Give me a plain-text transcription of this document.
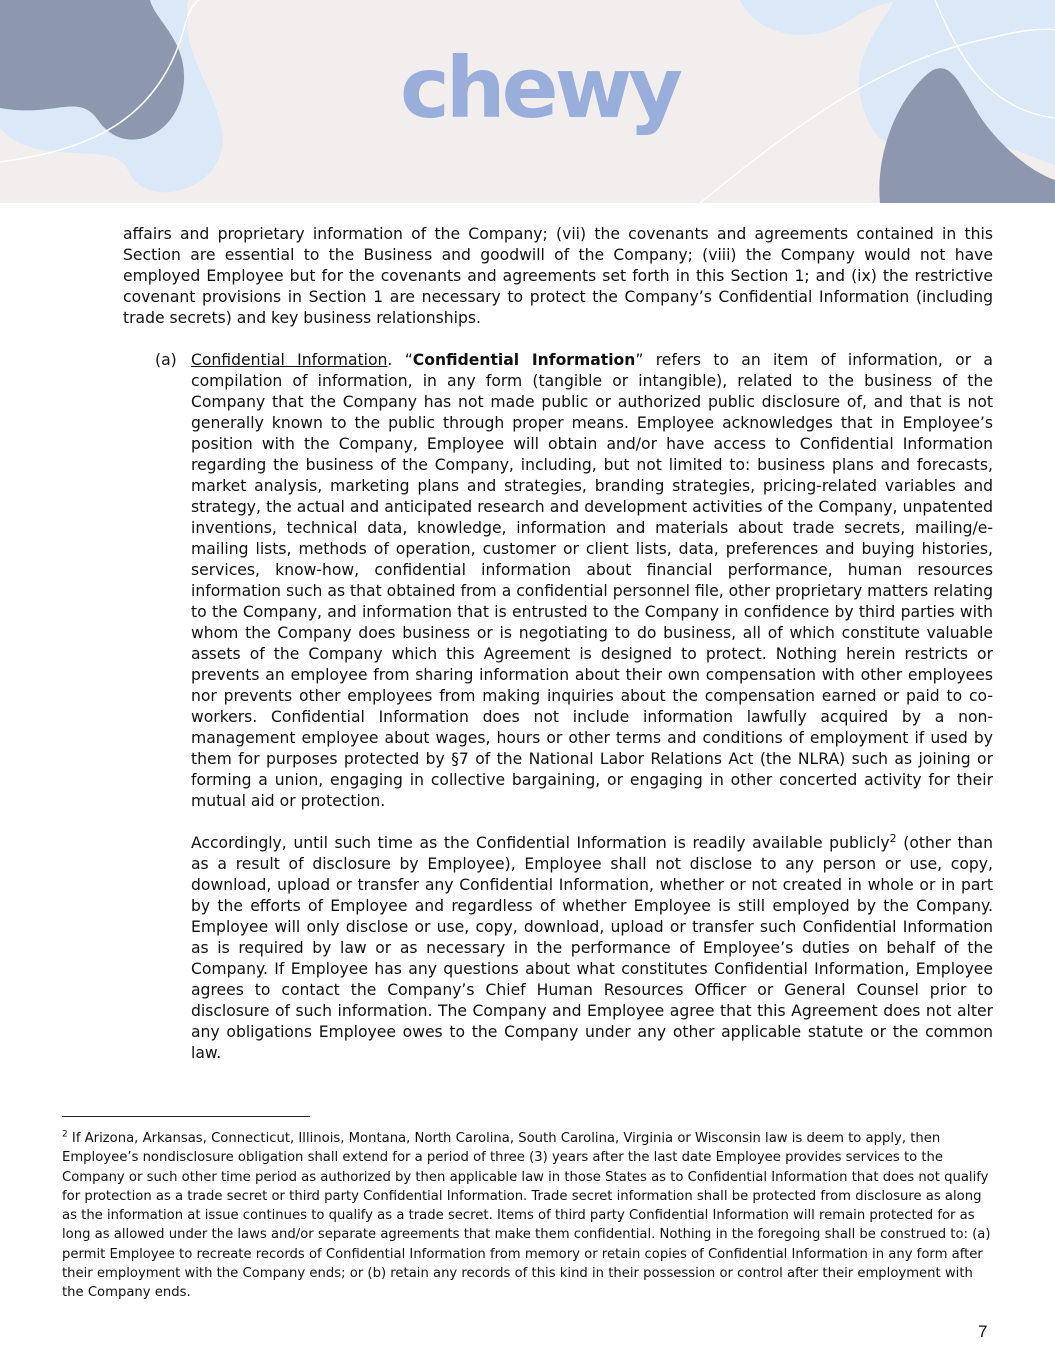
chewy

affairs and proprietary information of the Company; (vii) the covenants and agreements contained in this Section are essential to the Business and goodwill of the Company; (viii) the Company would not have employed Employee but for the covenants and agreements set forth in this Section 1; and (ix) the restrictive covenant provisions in Section 1 are necessary to protect the Company’s Confidential Information (including trade secrets) and key business relationships.

(a) Confidential Information. “Confidential Information” refers to an item of information, or a compilation of information, in any form (tangible or intangible), related to the business of the Company that the Company has not made public or authorized public disclosure of, and that is not generally known to the public through proper means. Employee acknowledges that in Employee’s position with the Company, Employee will obtain and/or have access to Confidential Information regarding the business of the Company, including, but not limited to: business plans and forecasts, market analysis, marketing plans and strategies, branding strategies, pricing-related variables and strategy, the actual and anticipated research and development activities of the Company, unpatented inventions, technical data, knowledge, information and materials about trade secrets, mailing/e-mailing lists, methods of operation, customer or client lists, data, preferences and buying histories, services, know-how, confidential information about financial performance, human resources information such as that obtained from a confidential personnel file, other proprietary matters relating to the Company, and information that is entrusted to the Company in confidence by third parties with whom the Company does business or is negotiating to do business, all of which constitute valuable assets of the Company which this Agreement is designed to protect. Nothing herein restricts or prevents an employee from sharing information about their own compensation with other employees nor prevents other employees from making inquiries about the compensation earned or paid to co-workers. Confidential Information does not include information lawfully acquired by a non-management employee about wages, hours or other terms and conditions of employment if used by them for purposes protected by §7 of the National Labor Relations Act (the NLRA) such as joining or forming a union, engaging in collective bargaining, or engaging in other concerted activity for their mutual aid or protection.

Accordingly, until such time as the Confidential Information is readily available publicly$^2$ (other than as a result of disclosure by Employee), Employee shall not disclose to any person or use, copy, download, upload or transfer any Confidential Information, whether or not created in whole or in part by the efforts of Employee and regardless of whether Employee is still employed by the Company. Employee will only disclose or use, copy, download, upload or transfer such Confidential Information as is required by law or as necessary in the performance of Employee’s duties on behalf of the Company. If Employee has any questions about what constitutes Confidential Information, Employee agrees to contact the Company’s Chief Human Resources Officer or General Counsel prior to disclosure of such information. The Company and Employee agree that this Agreement does not alter any obligations Employee owes to the Company under any other applicable statute or the common law.

$^2$ If Arizona, Arkansas, Connecticut, Illinois, Montana, North Carolina, South Carolina, Virginia or Wisconsin law is deem to apply, then Employee’s nondisclosure obligation shall extend for a period of three (3) years after the last date Employee provides services to the Company or such other time period as authorized by then applicable law in those States as to Confidential Information that does not qualify for protection as a trade secret or third party Confidential Information. Trade secret information shall be protected from disclosure as along as the information at issue continues to qualify as a trade secret. Items of third party Confidential Information will remain protected for as long as allowed under the laws and/or separate agreements that make them confidential. Nothing in the foregoing shall be construed to: (a) permit Employee to recreate records of Confidential Information from memory or retain copies of Confidential Information in any form after their employment with the Company ends; or (b) retain any records of this kind in their possession or control after their employment with the Company ends.

7
